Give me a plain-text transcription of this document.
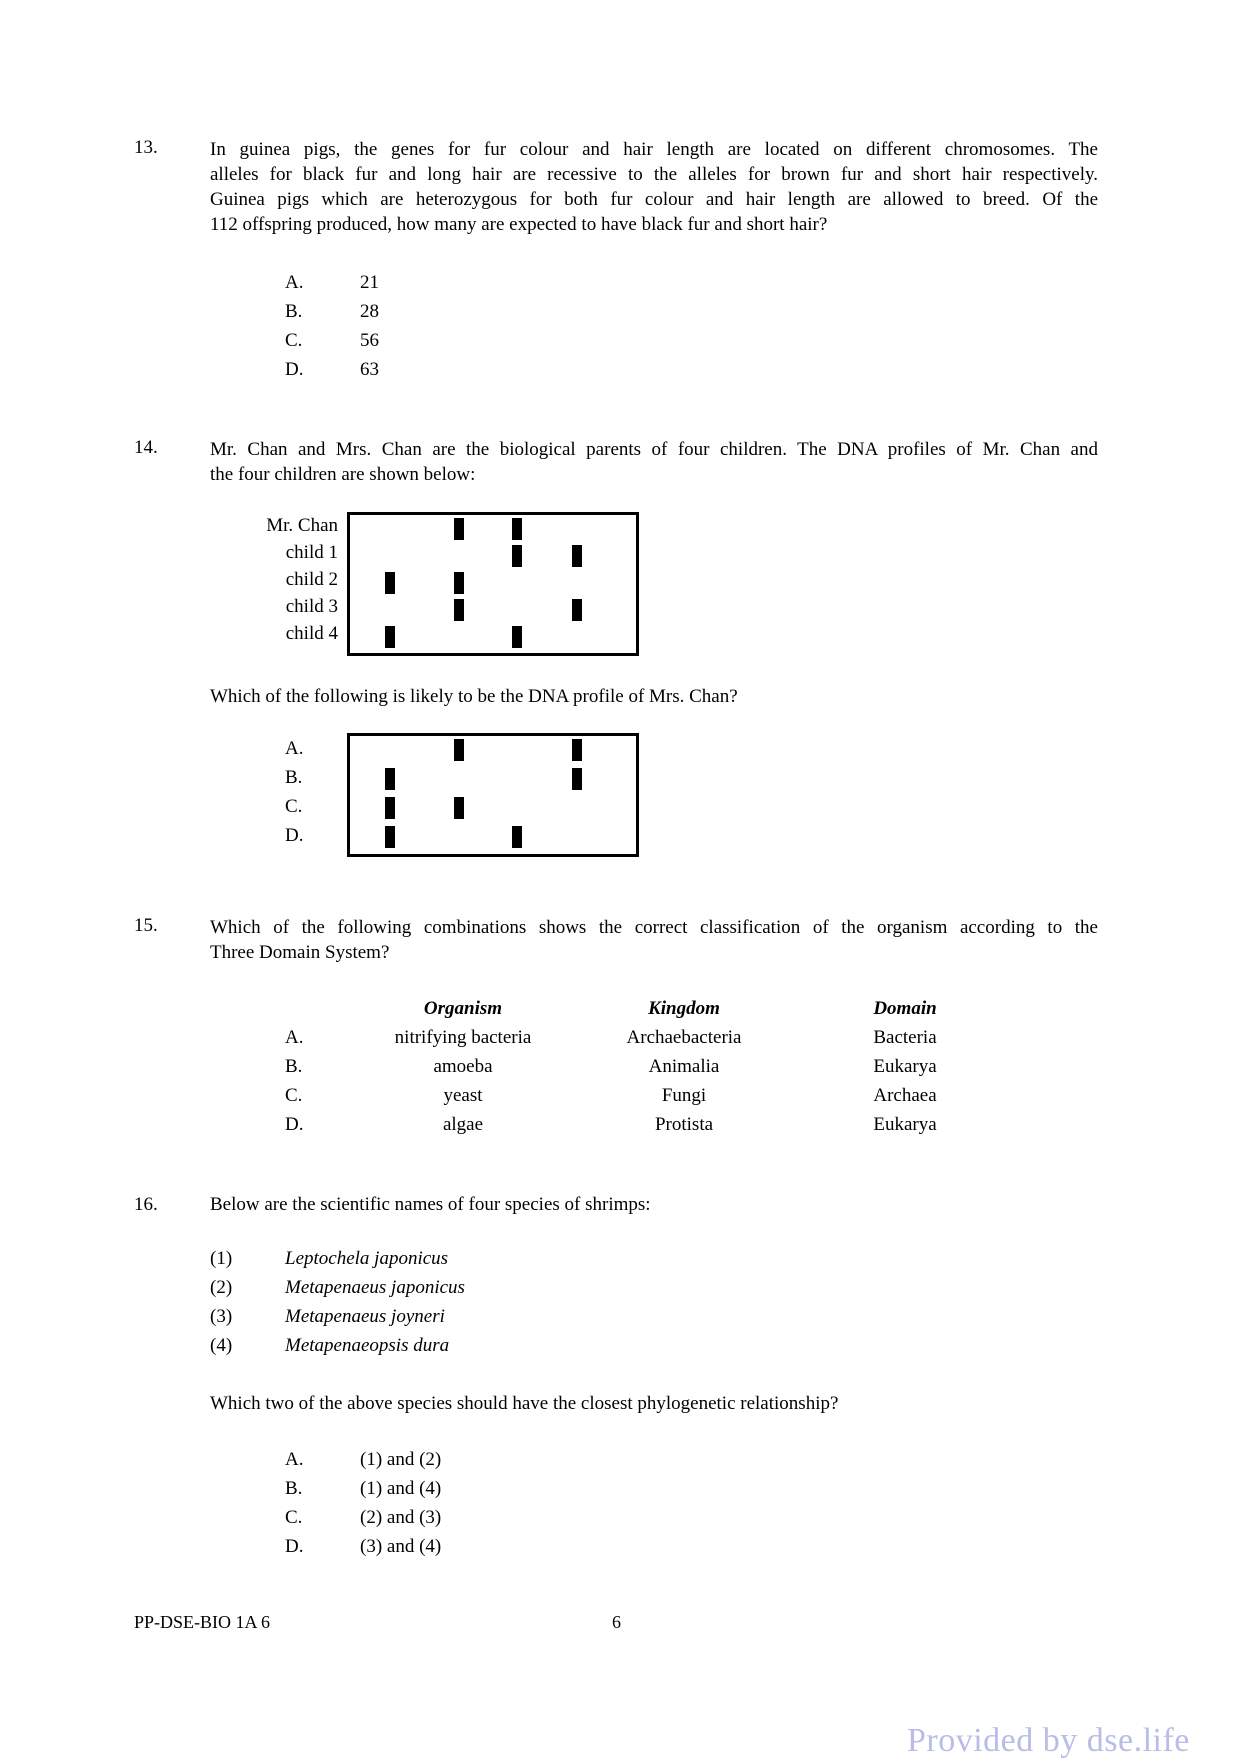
13.	In guinea pigs, the genes for fur colour and hair length are located on different chromosomes. The
alleles for black fur and long hair are recessive to the alleles for brown fur and short hair respectively.
Guinea pigs which are heterozygous for both fur colour and hair length are allowed to breed. Of the
112 offspring produced, how many are expected to have black fur and short hair?
A.	21
B.	28
C.	56
D.	63
14.	Mr. Chan and Mrs. Chan are the biological parents of four children. The DNA profiles of Mr. Chan and
the four children are shown below:
Mr. Chan
child 1
child 2
child 3
child 4
Which of the following is likely to be the DNA profile of Mrs. Chan?
A.
B.
C.
D.
15.	Which of the following combinations shows the correct classification of the organism according to the
Three Domain System?
Organism	Kingdom	Domain
A.	nitrifying bacteria	Archaebacteria	Bacteria
B.	amoeba	Animalia	Eukarya
C.	yeast	Fungi	Archaea
D.	algae	Protista	Eukarya
16.	Below are the scientific names of four species of shrimps:
(1)	Leptochela japonicus
(2)	Metapenaeus japonicus
(3)	Metapenaeus joyneri
(4)	Metapenaeopsis dura
Which two of the above species should have the closest phylogenetic relationship?
A.	(1) and (2)
B.	(1) and (4)
C.	(2) and (3)
D.	(3) and (4)
PP-DSE-BIO 1A 6	6
Provided by dse.life
